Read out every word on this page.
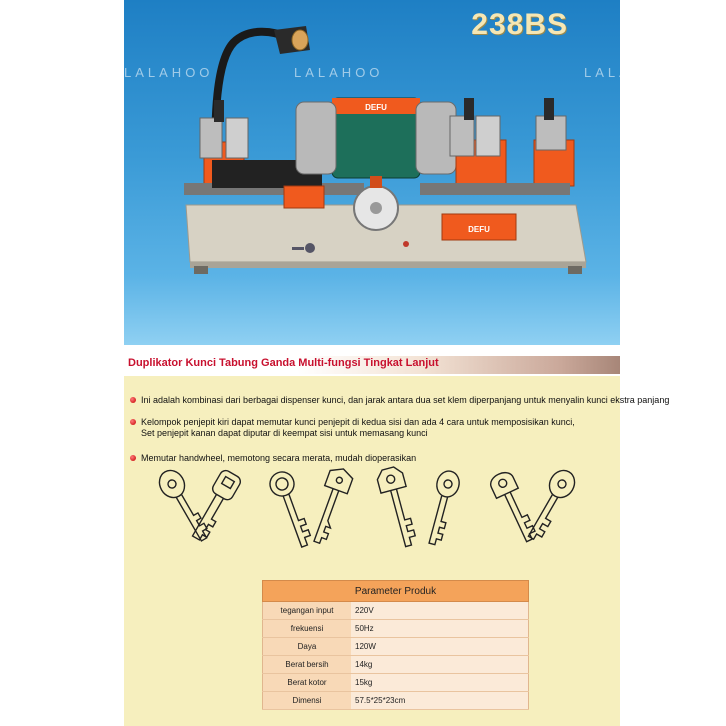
LALAHOO	LALAHOO	LALAHOO
238BS
DEFU
DEFU
Duplikator Kunci Tabung Ganda Multi-fungsi Tingkat Lanjut
Ini adalah kombinasi dari berbagai dispenser kunci, dan jarak antara dua set klem diperpanjang untuk menyalin kunci ekstra panjang
Kelompok penjepit kiri dapat memutar kunci penjepit di kedua sisi dan ada 4 cara untuk memposisikan kunci,
Set penjepit kanan dapat diputar di keempat sisi untuk memasang kunci
Memutar handwheel, memotong secara merata, mudah dioperasikan
Parameter Produk	
tegangan input	220V
frekuensi	50Hz
Daya	120W
Berat bersih	14kg
Berat kotor	15kg
Dimensi	57.5*25*23cm
